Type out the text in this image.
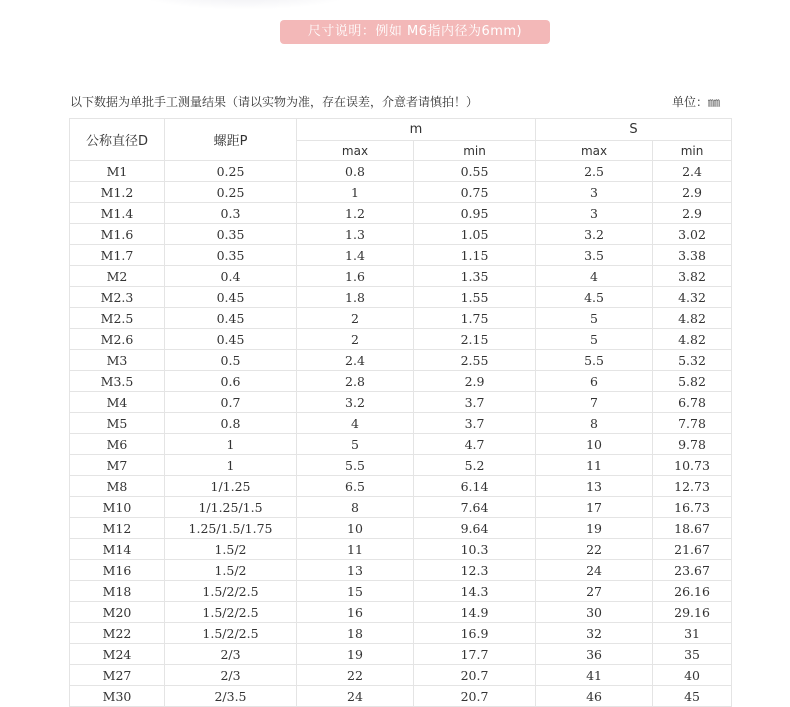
尺寸说明：例如 M6指内径为6mm)
以下数据为单批手工测量结果（请以实物为准，存在误差，介意者请慎拍！）	单位：㎜
公称直径D	螺距P	m		S	
		max	min	max	min
M1	0.25	0.8	0.55	2.5	2.4
M1.2	0.25	1	0.75	3	2.9
M1.4	0.3	1.2	0.95	3	2.9
M1.6	0.35	1.3	1.05	3.2	3.02
M1.7	0.35	1.4	1.15	3.5	3.38
M2	0.4	1.6	1.35	4	3.82
M2.3	0.45	1.8	1.55	4.5	4.32
M2.5	0.45	2	1.75	5	4.82
M2.6	0.45	2	2.15	5	4.82
M3	0.5	2.4	2.55	5.5	5.32
M3.5	0.6	2.8	2.9	6	5.82
M4	0.7	3.2	3.7	7	6.78
M5	0.8	4	3.7	8	7.78
M6	1	5	4.7	10	9.78
M7	1	5.5	5.2	11	10.73
M8	1/1.25	6.5	6.14	13	12.73
M10	1/1.25/1.5	8	7.64	17	16.73
M12	1.25/1.5/1.75	10	9.64	19	18.67
M14	1.5/2	11	10.3	22	21.67
M16	1.5/2	13	12.3	24	23.67
M18	1.5/2/2.5	15	14.3	27	26.16
M20	1.5/2/2.5	16	14.9	30	29.16
M22	1.5/2/2.5	18	16.9	32	31
M24	2/3	19	17.7	36	35
M27	2/3	22	20.7	41	40
M30	2/3.5	24	20.7	46	45
